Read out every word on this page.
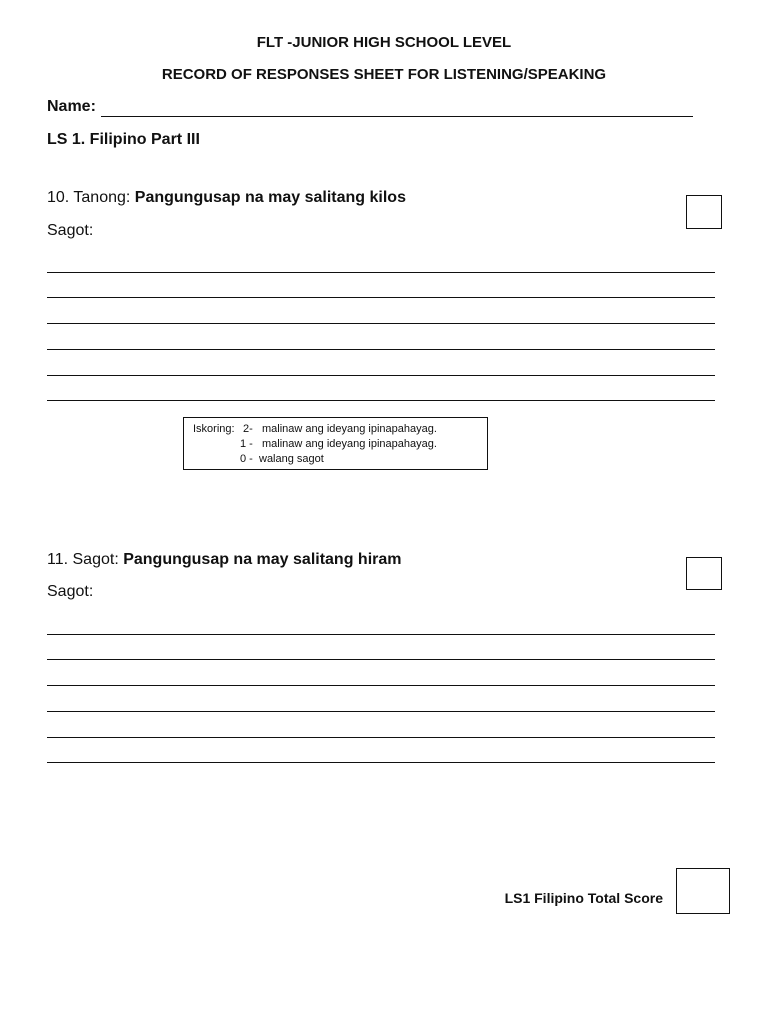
FLT -JUNIOR HIGH SCHOOL LEVEL
RECORD OF RESPONSES SHEET FOR LISTENING/SPEAKING
Name:
LS 1. Filipino Part III
10. Tanong: Pangungusap na may salitang kilos
Sagot:
Iskoring: 2- malinaw ang ideyang ipinapahayag.
1 - malinaw ang ideyang ipinapahayag.
0 - walang sagot
11. Sagot: Pangungusap na may salitang hiram
Sagot:
LS1 Filipino Total Score
